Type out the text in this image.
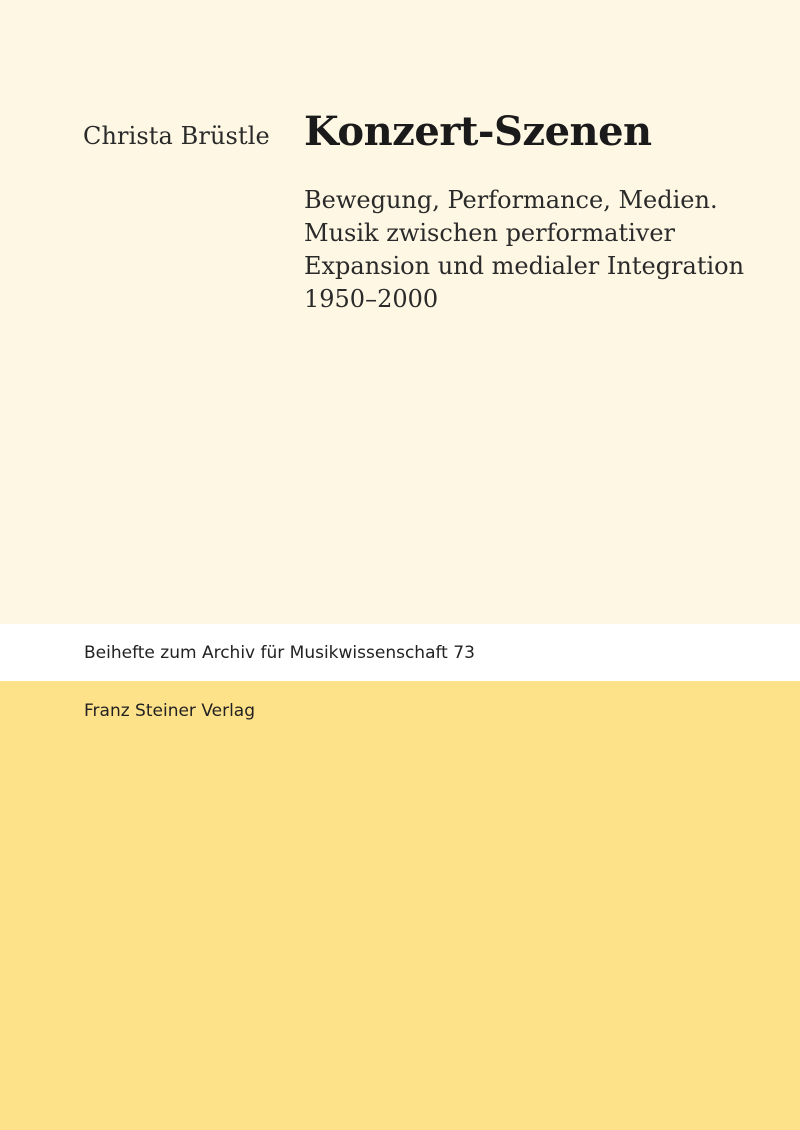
Christa Brüstle Konzert-Szenen
Bewegung, Performance, Medien.
Musik zwischen performativer
Expansion und medialer Integration
1950–2000
Beihefte zum Archiv für Musikwissenschaft 73
Franz Steiner Verlag
